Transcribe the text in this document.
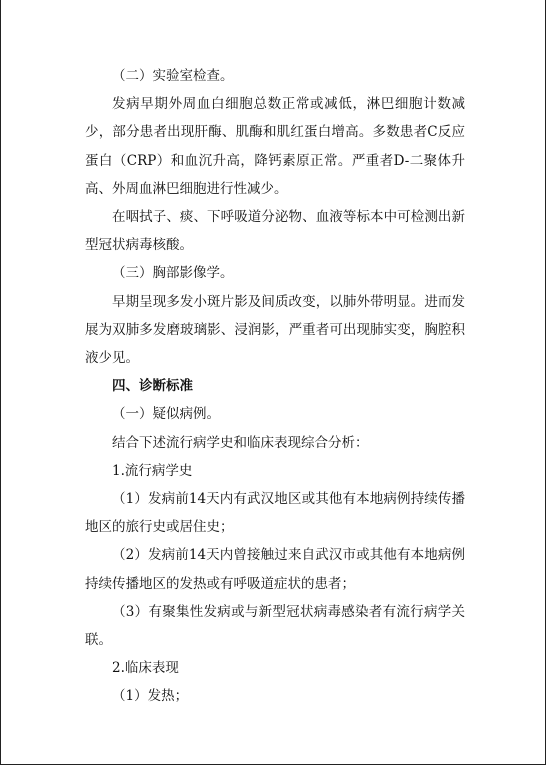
（二）实验室检查。

发病早期外周血白细胞总数正常或减低，淋巴细胞计数减少，部分患者出现肝酶、肌酶和肌红蛋白增高。多数患者C反应蛋白（CRP）和血沉升高，降钙素原正常。严重者D-二聚体升高、外周血淋巴细胞进行性减少。

在咽拭子、痰、下呼吸道分泌物、血液等标本中可检测出新型冠状病毒核酸。

（三）胸部影像学。

早期呈现多发小斑片影及间质改变，以肺外带明显。进而发展为双肺多发磨玻璃影、浸润影，严重者可出现肺实变，胸腔积液少见。

四、诊断标准

（一）疑似病例。

结合下述流行病学史和临床表现综合分析：

1.流行病学史

（1）发病前14天内有武汉地区或其他有本地病例持续传播地区的旅行史或居住史；

（2）发病前14天内曾接触过来自武汉市或其他有本地病例持续传播地区的发热或有呼吸道症状的患者；

（3）有聚集性发病或与新型冠状病毒感染者有流行病学关联。

2.临床表现

（1）发热；
